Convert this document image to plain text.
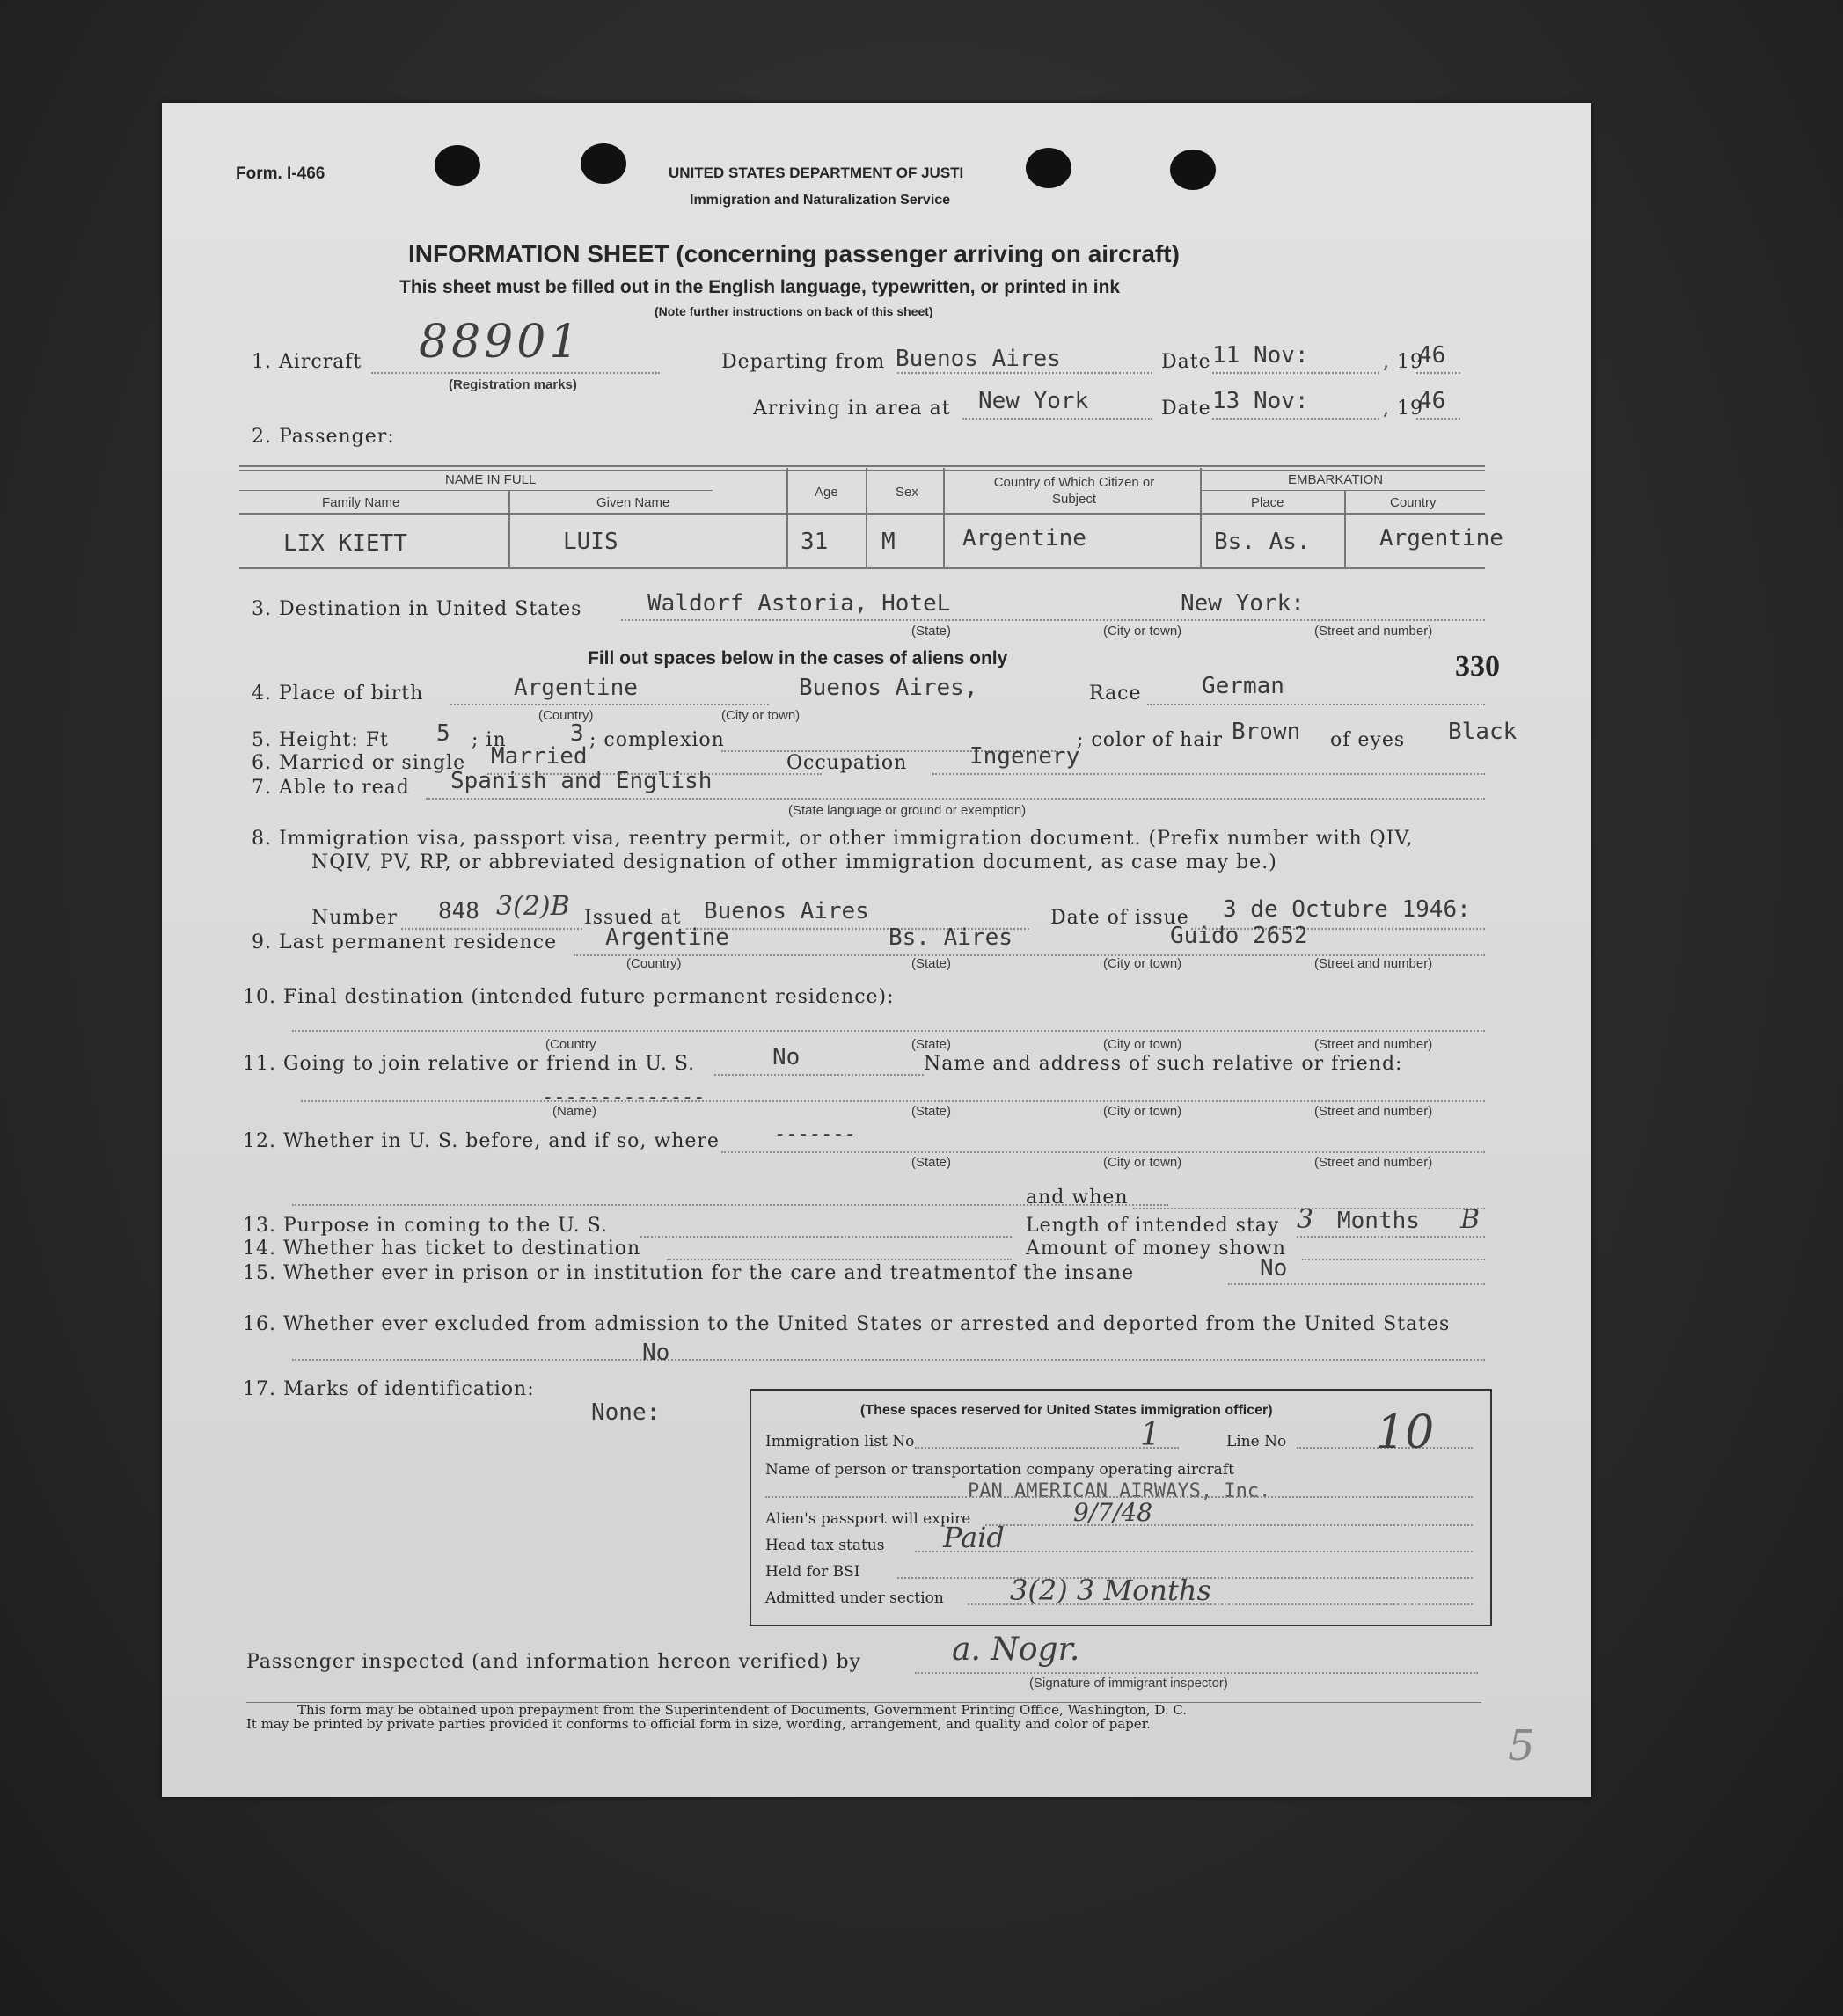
Form. I-466	UNITED STATES DEPARTMENT OF JUSTI
Immigration and Naturalization Service
INFORMATION SHEET (concerning passenger arriving on aircraft)
This sheet must be filled out in the English language, typewritten, or printed in ink
(Note further instructions on back of this sheet)
1. Aircraft 88901
(Registration marks)
Departing from Buenos Aires	Date 11 Nov:	, 19
46
Arriving in area at New York	Date 13 Nov:	, 19
46
2. Passenger:
NAME IN FULL
Family Name	Given Name
Age	Sex
Country of Which Citizen or Subject
EMBARKATION
Place	Country
LIX KIETT	LUIS	31 M	Argentine	Bs. As.	Argentine
3. Destination in United States	Waldorf Astoria, HoteL	New York:
(State)	(City or town)	(Street and number)
Fill out spaces below in the cases of aliens only	330
4. Place of birth	Argentine	Buenos Aires,
(Country)	(City or town)
Race	German
5. Height: Ft 5 ; in	3 ; complexion	; color of hair Brown of eyes Black
6. Married or single Married	Occupation	Ingenery
7. Able to read Spanish and English
(State language or ground or exemption)
8. Immigration visa, passport visa, reentry permit, or other immigration document. (Prefix number with QIV,
NQIV, PV, RP, or abbreviated designation of other immigration document, as case may be.)
Number 848 3(2)B Issued at Buenos Aires	Date of issue 3 de Octubre 1946:
9. Last permanent residence Argentine	Bs. Aires	Guido 2652
(Country)	(State)	(City or town)	(Street and number)
10. Final destination (intended future permanent residence):
(Country	(State)	(City or town)	(Street and number)
11. Going to join relative or friend in U. S.	No	Name and address of such relative or friend:
--------------
(Name)	(State)	(City or town)	(Street and number)
12. Whether in U. S. before, and if so, where	-------
(State)	(City or town)	(Street and number)
and when
13. Purpose in coming to the U. S.	Length of intended stay 3 Months B
14. Whether has ticket to destination	Amount of money shown
15. Whether ever in prison or in institution for the care and treatmentof the insane	No
16. Whether ever excluded from admission to the United States or arrested and deported from the United States
No
17. Marks of identification:
None:	(These spaces reserved for United States immigration officer)
Immigration list No	1	Line No 10
Name of person or transportation company operating aircraft
PAN AMERICAN AIRWAYS, Inc.
Alien's passport will expire	9/7/48
Head tax status Paid
Held for BSI
Admitted under section 3(2) 3 Months
Passenger inspected (and information hereon verified) by	a. Nogr.
(Signature of immigrant inspector)
This form may be obtained upon prepayment from the Superintendent of Documents, Government Printing Office, Washington, D. C.
It may be printed by private parties provided it conforms to official form in size, wording, arrangement, and quality and color of paper.	5
